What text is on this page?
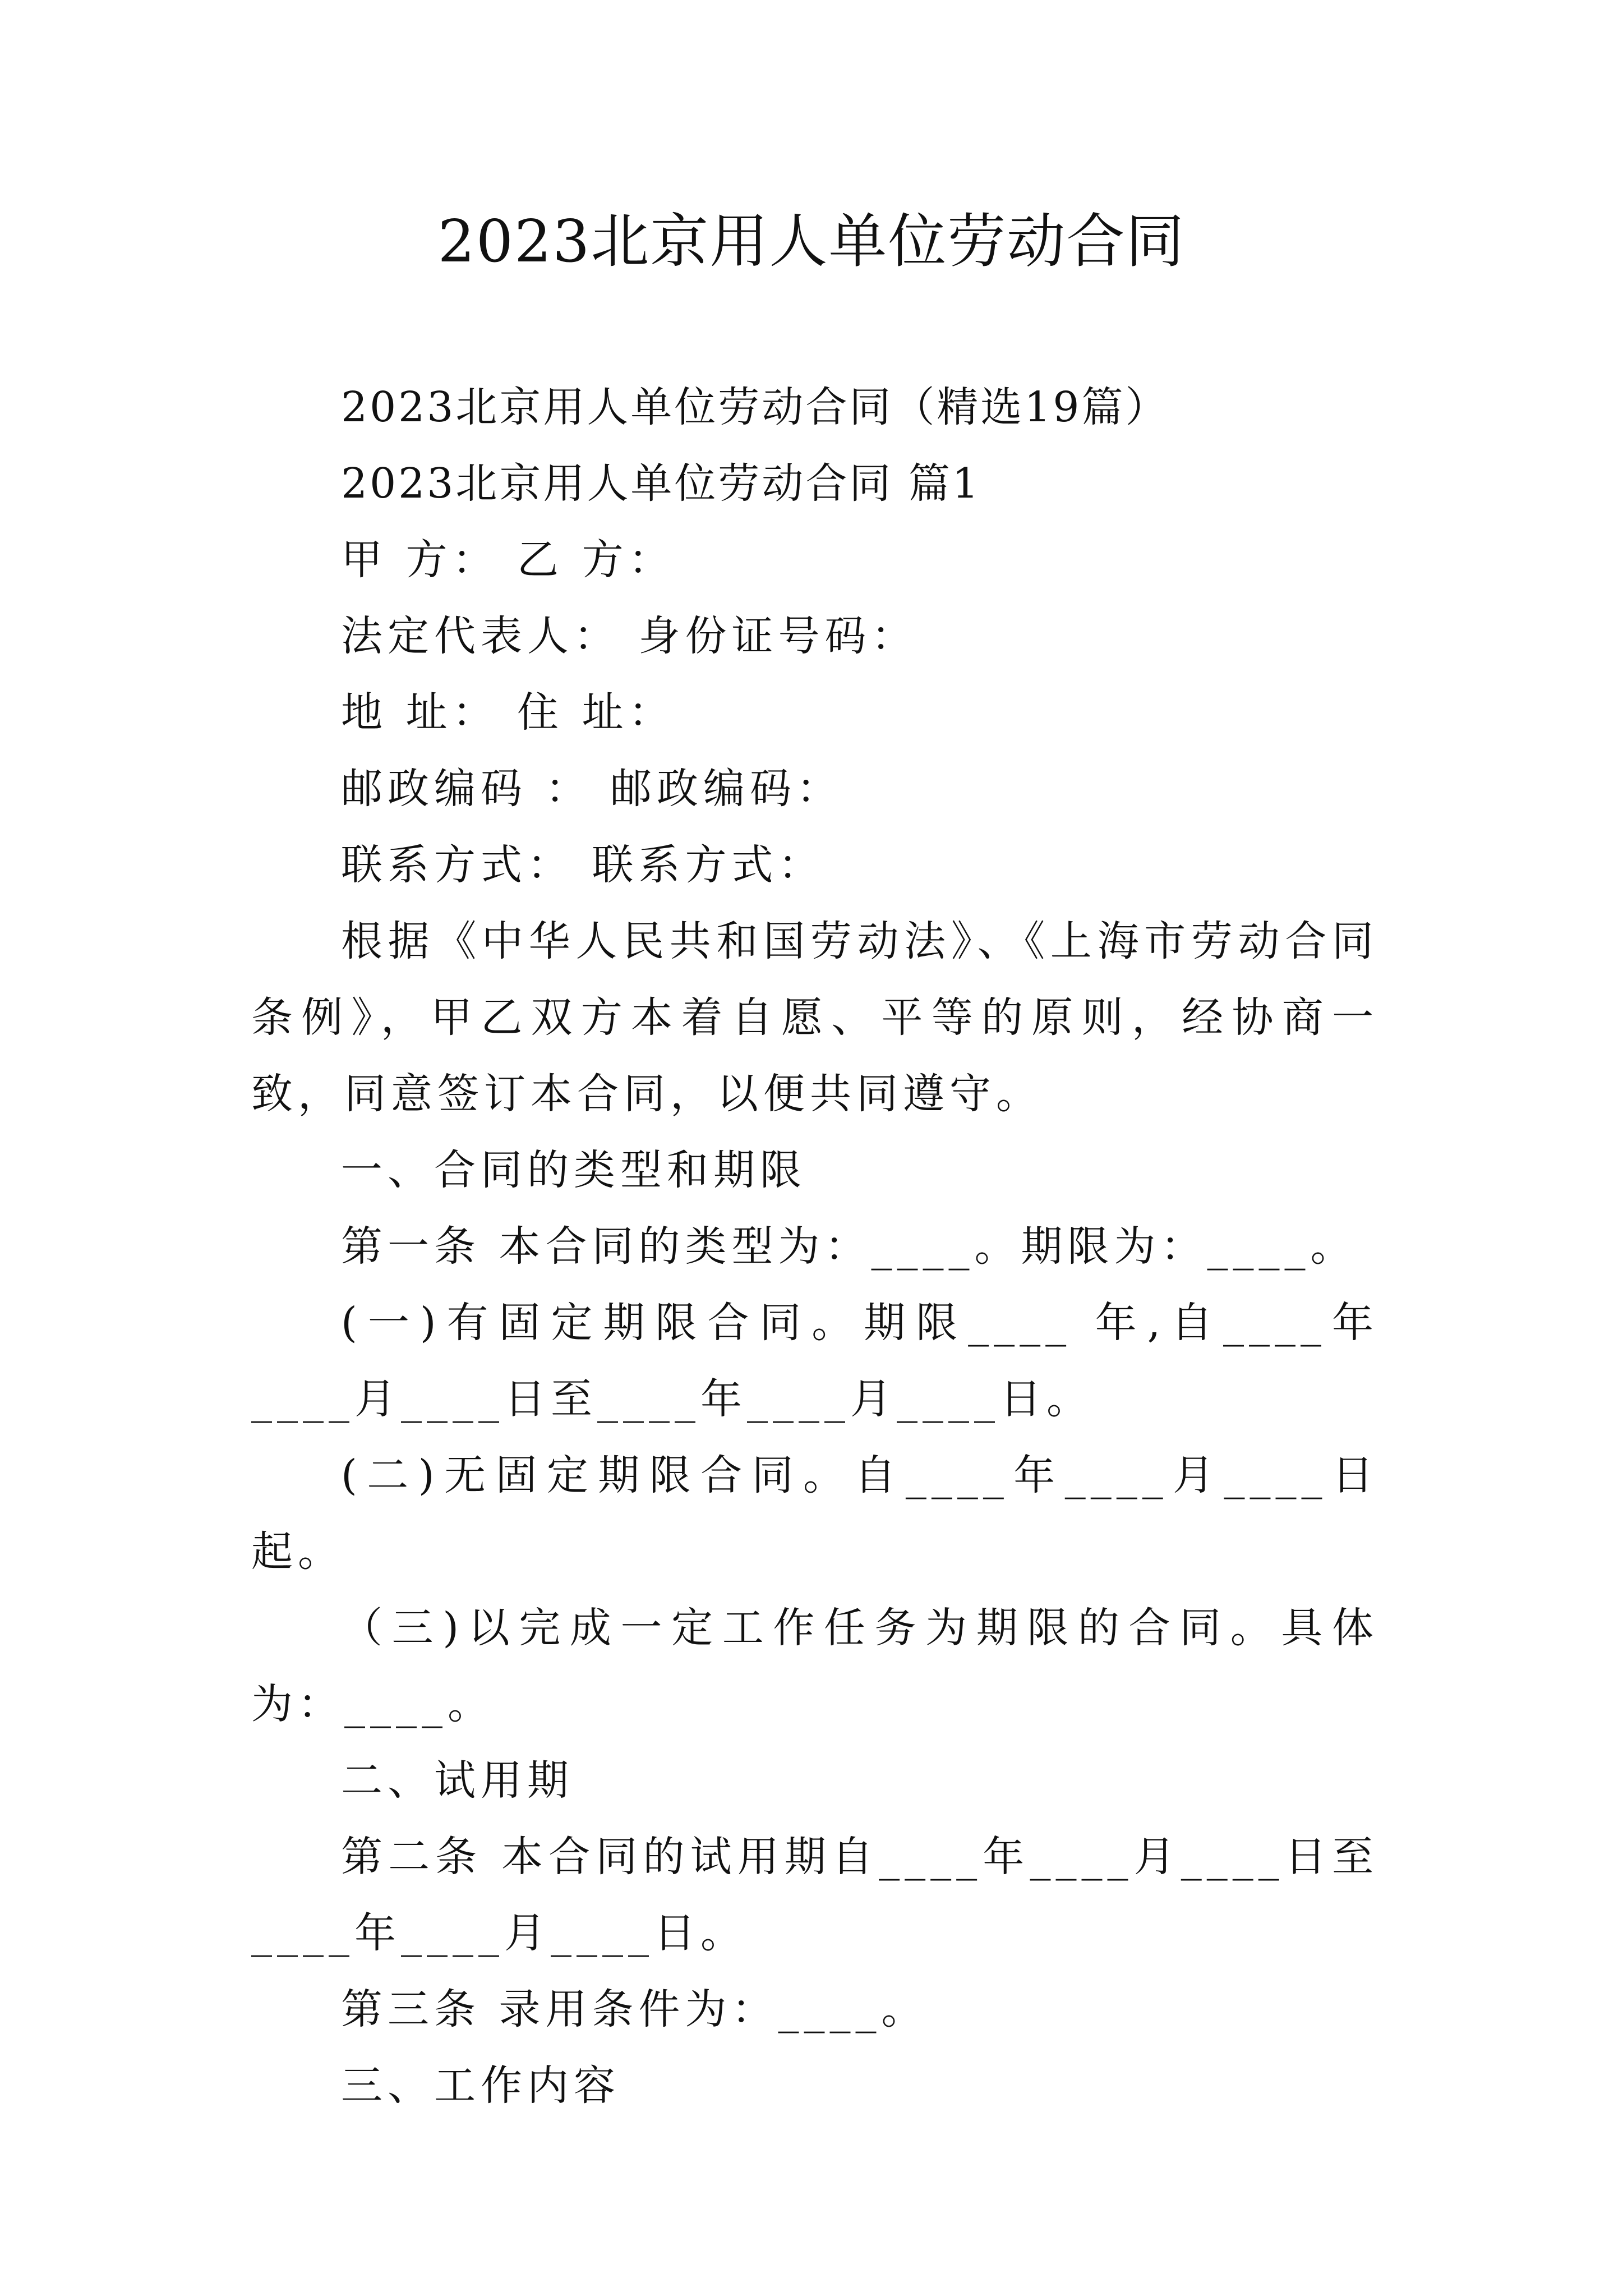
2023北京用人单位劳动合同

2023北京用人单位劳动合同（精选19篇）

2023北京用人单位劳动合同 篇1

甲 方： 乙 方：

法定代表人： 身份证号码：

地 址： 住 址：

邮政编码 ： 邮政编码：

联系方式： 联系方式：

根据《中华人民共和国劳动法》、《上海市劳动合同条例》，甲乙双方本着自愿、平等的原则，经协商一致，同意签订本合同，以便共同遵守。

一、合同的类型和期限

第一条 本合同的类型为：____。期限为：____。

(一)有固定期限合同。期限____ 年,自____年____月____日至____年____月____日。

(二)无固定期限合同。自____年____月____日起。

（三)以完成一定工作任务为期限的合同。具体为：____。

二、试用期

第二条 本合同的试用期自____年____月____日至____年____月____日。

第三条 录用条件为：____。

三、工作内容
